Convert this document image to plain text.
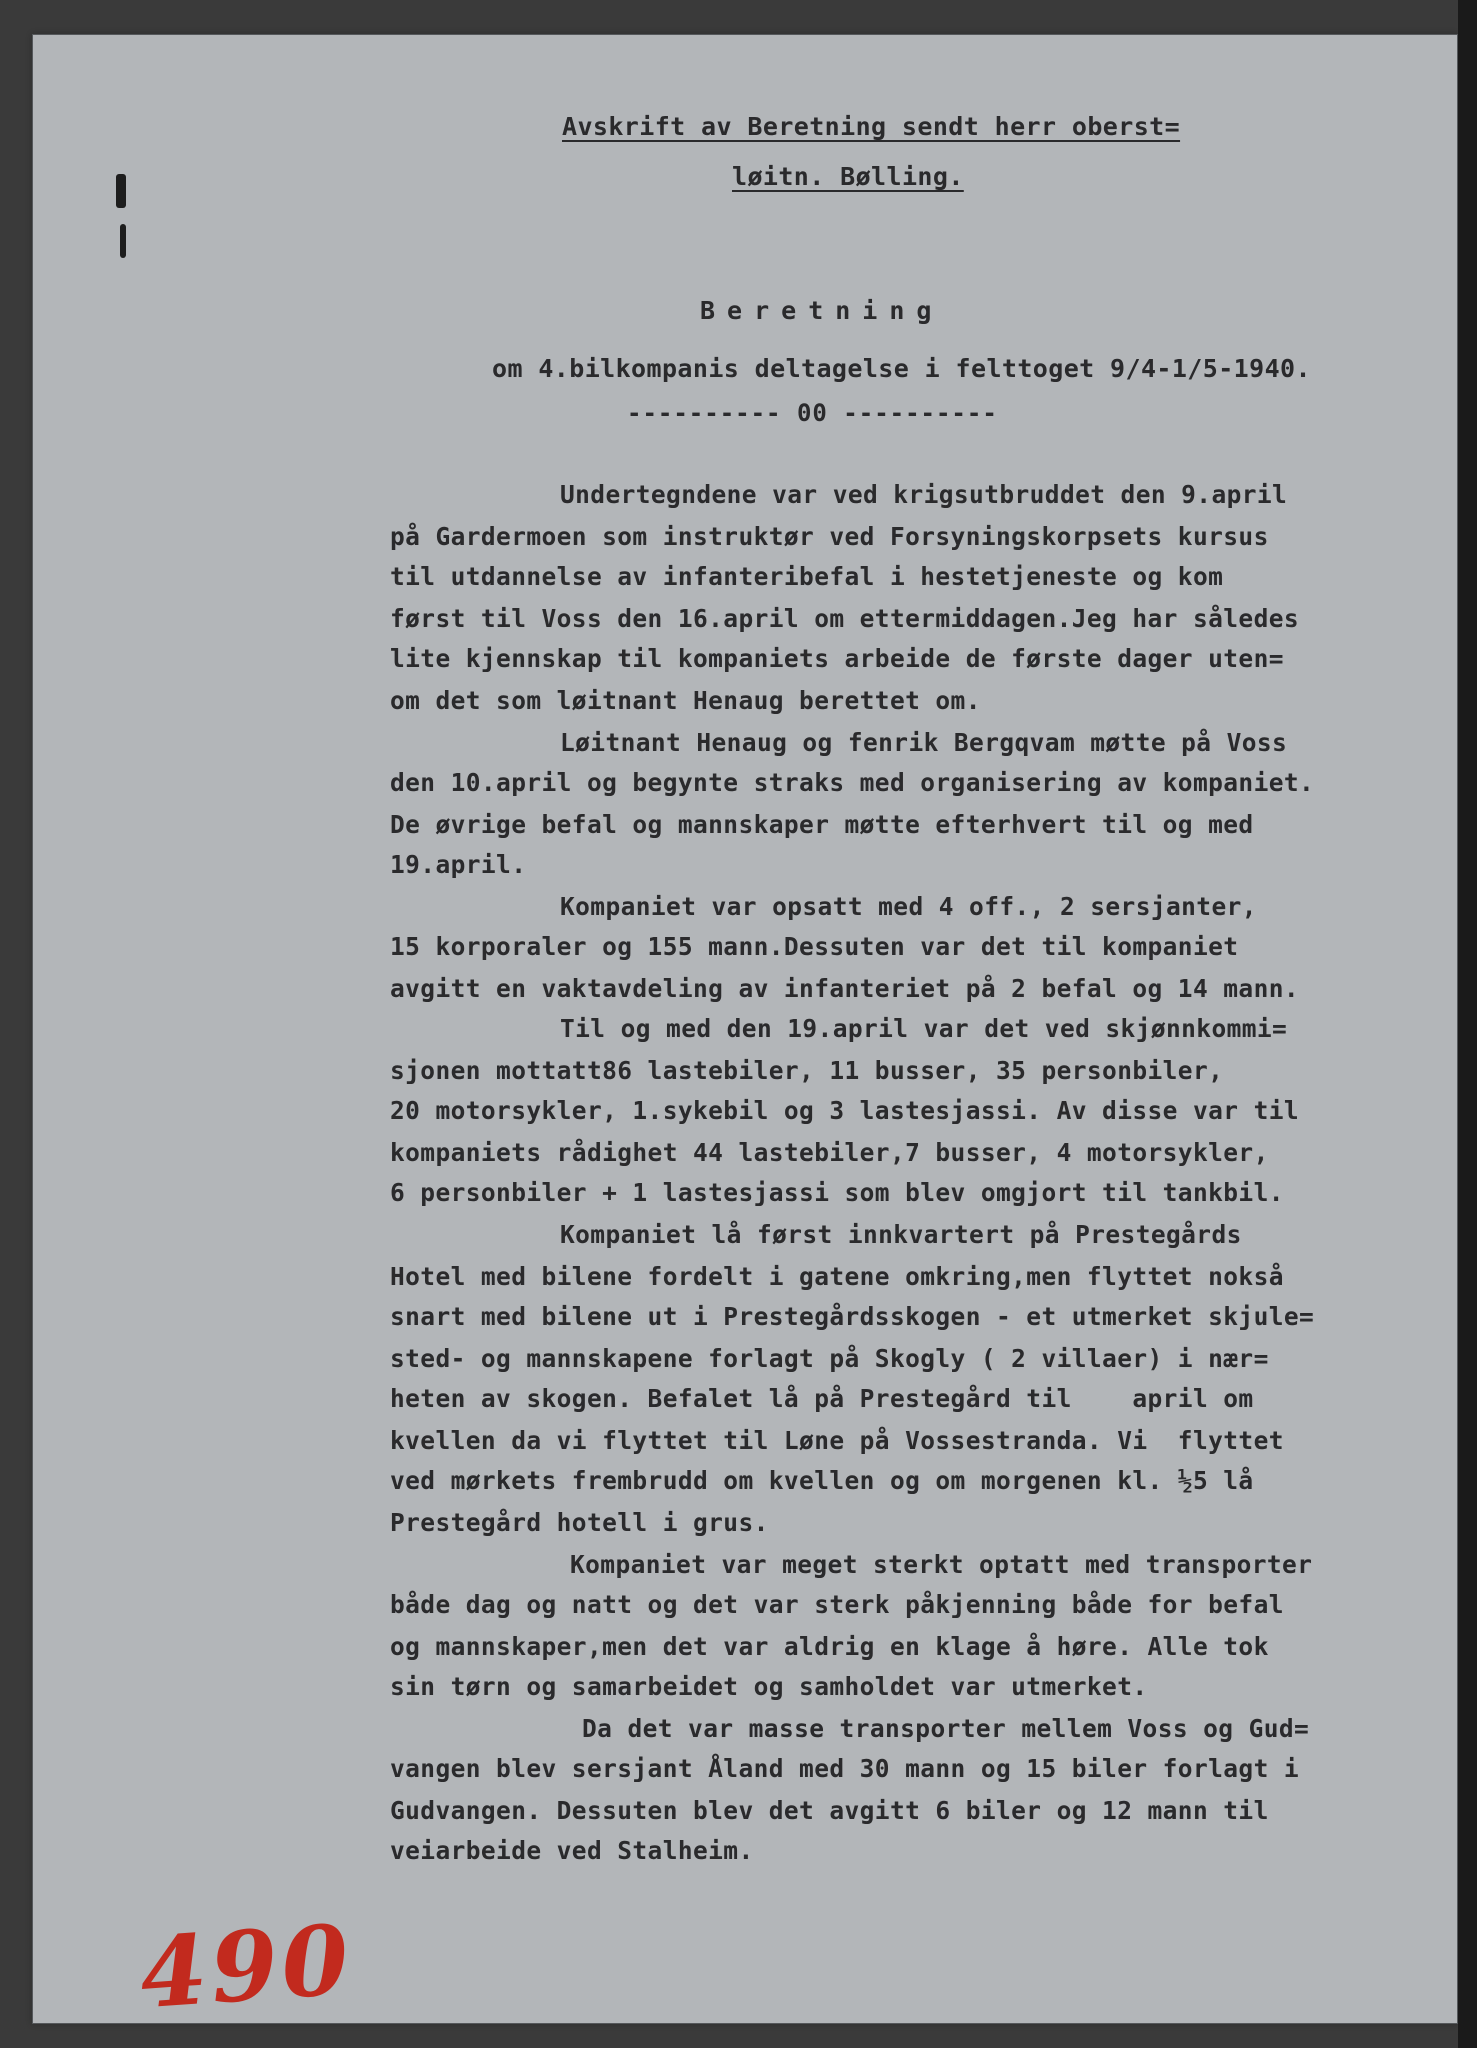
Avskrift av Beretning sendt herr oberst=
løitn. Bølling.
Beretning
om 4.bilkompanis deltagelse i felttoget 9/4-1/5-1940.
---------- 00 ----------
Undertegndene var ved krigsutbruddet den 9.april
på Gardermoen som instruktør ved Forsyningskorpsets kursus
til utdannelse av infanteribefal i hestetjeneste og kom
først til Voss den 16.april om ettermiddagen.Jeg har således
lite kjennskap til kompaniets arbeide de første dager uten=
om det som løitnant Henaug berettet om.
Løitnant Henaug og fenrik Bergqvam møtte på Voss
den 10.april og begynte straks med organisering av kompaniet.
De øvrige befal og mannskaper møtte efterhvert til og med
19.april.
Kompaniet var opsatt med 4 off., 2 sersjanter,
15 korporaler og 155 mann.Dessuten var det til kompaniet
avgitt en vaktavdeling av infanteriet på 2 befal og 14 mann.
Til og med den 19.april var det ved skjønnkommi=
sjonen mottatt86 lastebiler, 11 busser, 35 personbiler,
20 motorsykler, 1.sykebil og 3 lastesjassi. Av disse var til
kompaniets rådighet 44 lastebiler,7 busser, 4 motorsykler,
6 personbiler + 1 lastesjassi som blev omgjort til tankbil.
Kompaniet lå først innkvartert på Prestegårds
Hotel med bilene fordelt i gatene omkring,men flyttet nokså
snart med bilene ut i Prestegårdsskogen - et utmerket skjule=
sted- og mannskapene forlagt på Skogly ( 2 villaer) i nær=
heten av skogen. Befalet lå på Prestegård til    april om
kvellen da vi flyttet til Løne på Vossestranda. Vi  flyttet
ved mørkets frembrudd om kvellen og om morgenen kl. ½5 lå
Prestegård hotell i grus.
Kompaniet var meget sterkt optatt med transporter
både dag og natt og det var sterk påkjenning både for befal
og mannskaper,men det var aldrig en klage å høre. Alle tok
sin tørn og samarbeidet og samholdet var utmerket.
Da det var masse transporter mellem Voss og Gud=
vangen blev sersjant Åland med 30 mann og 15 biler forlagt i
Gudvangen. Dessuten blev det avgitt 6 biler og 12 mann til
veiarbeide ved Stalheim.
490
